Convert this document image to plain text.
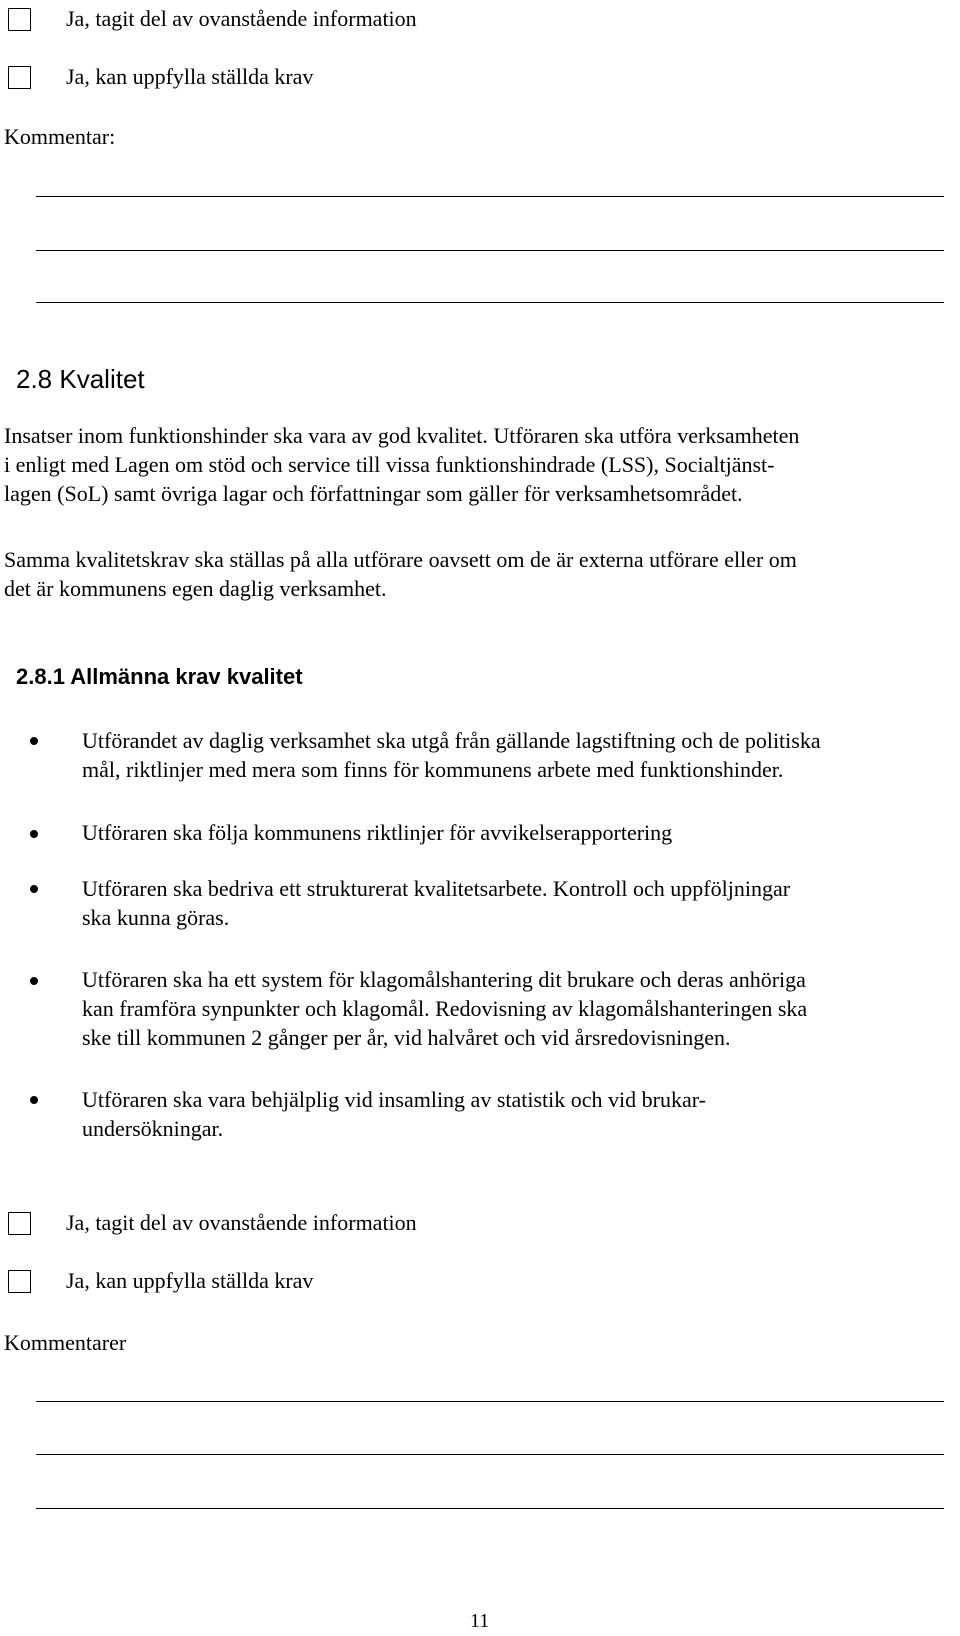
Ja, tagit del av ovanstående information
Ja, kan uppfylla ställda krav
Kommentar:
2.8 Kvalitet
Insatser inom funktionshinder ska vara av god kvalitet. Utföraren ska utföra verksamheten
i enligt med Lagen om stöd och service till vissa funktionshindrade (LSS), Socialtjänst-
lagen (SoL) samt övriga lagar och författningar som gäller för verksamhetsområdet.
Samma kvalitetskrav ska ställas på alla utförare oavsett om de är externa utförare eller om
det är kommunens egen daglig verksamhet.
2.8.1 Allmänna krav kvalitet
Utförandet av daglig verksamhet ska utgå från gällande lagstiftning och de politiska
mål, riktlinjer med mera som finns för kommunens arbete med funktionshinder.
Utföraren ska följa kommunens riktlinjer för avvikelserapportering
Utföraren ska bedriva ett strukturerat kvalitetsarbete. Kontroll och uppföljningar
ska kunna göras.
Utföraren ska ha ett system för klagomålshantering dit brukare och deras anhöriga
kan framföra synpunkter och klagomål. Redovisning av klagomålshanteringen ska
ske till kommunen 2 gånger per år, vid halvåret och vid årsredovisningen.
Utföraren ska vara behjälplig vid insamling av statistik och vid brukar-
undersökningar.
Ja, tagit del av ovanstående information
Ja, kan uppfylla ställda krav
Kommentarer
11
